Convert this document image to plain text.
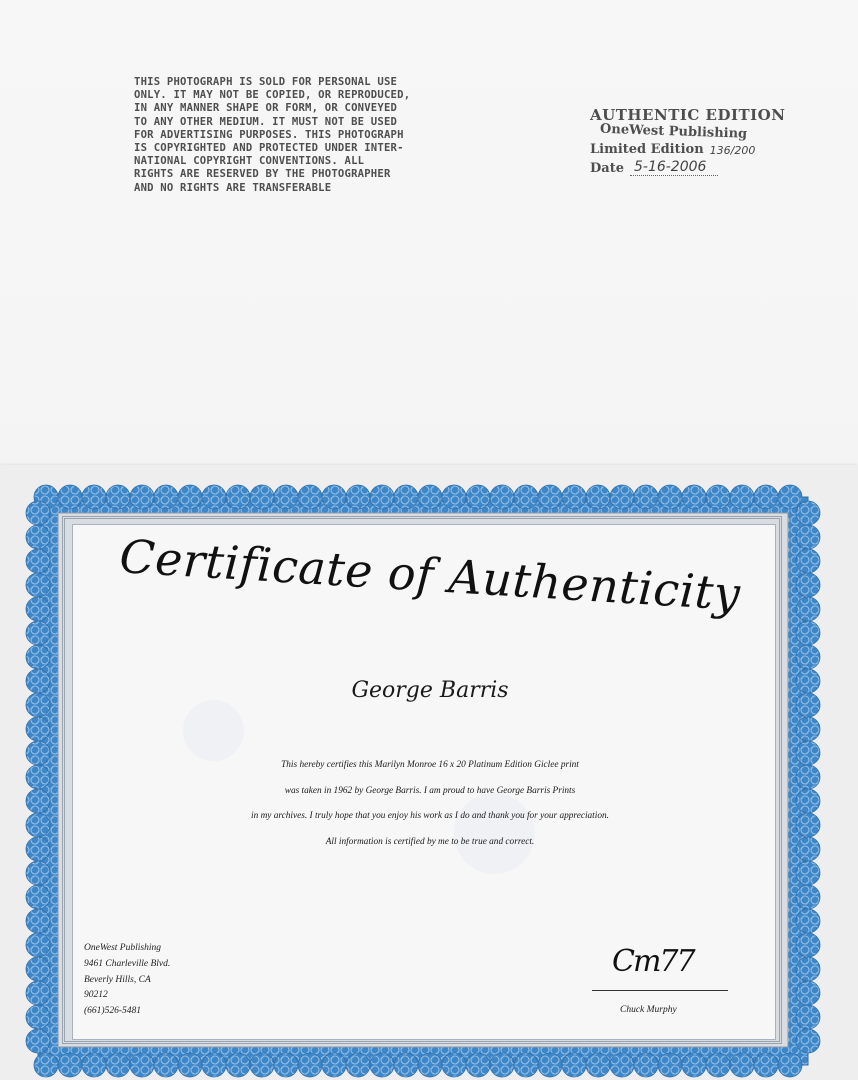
THIS PHOTOGRAPH IS SOLD FOR PERSONAL USE
ONLY. IT MAY NOT BE COPIED, OR REPRODUCED,
IN ANY MANNER SHAPE OR FORM, OR CONVEYED
TO ANY OTHER MEDIUM. IT MUST NOT BE USED
FOR ADVERTISING PURPOSES. THIS PHOTOGRAPH
IS COPYRIGHTED AND PROTECTED UNDER INTER-
NATIONAL COPYRIGHT CONVENTIONS. ALL
RIGHTS ARE RESERVED BY THE PHOTOGRAPHER
AND NO RIGHTS ARE TRANSFERABLE
AUTHENTIC EDITION
OneWest Publishing
Limited Edition 136/200
Date 5-16-2006
Certificate of Authenticity
George Barris
This hereby certifies this Marilyn Monroe 16 x 20 Platinum Edition Giclee print
was taken in 1962 by George Barris. I am proud to have George Barris Prints
in my archives. I truly hope that you enjoy his work as I do and thank you for your appreciation.
All information is certified by me to be true and correct.
OneWest Publishing
9461 Charleville Blvd.
Beverly Hills, CA
90212
(661)526-5481
Cm77
Chuck Murphy
